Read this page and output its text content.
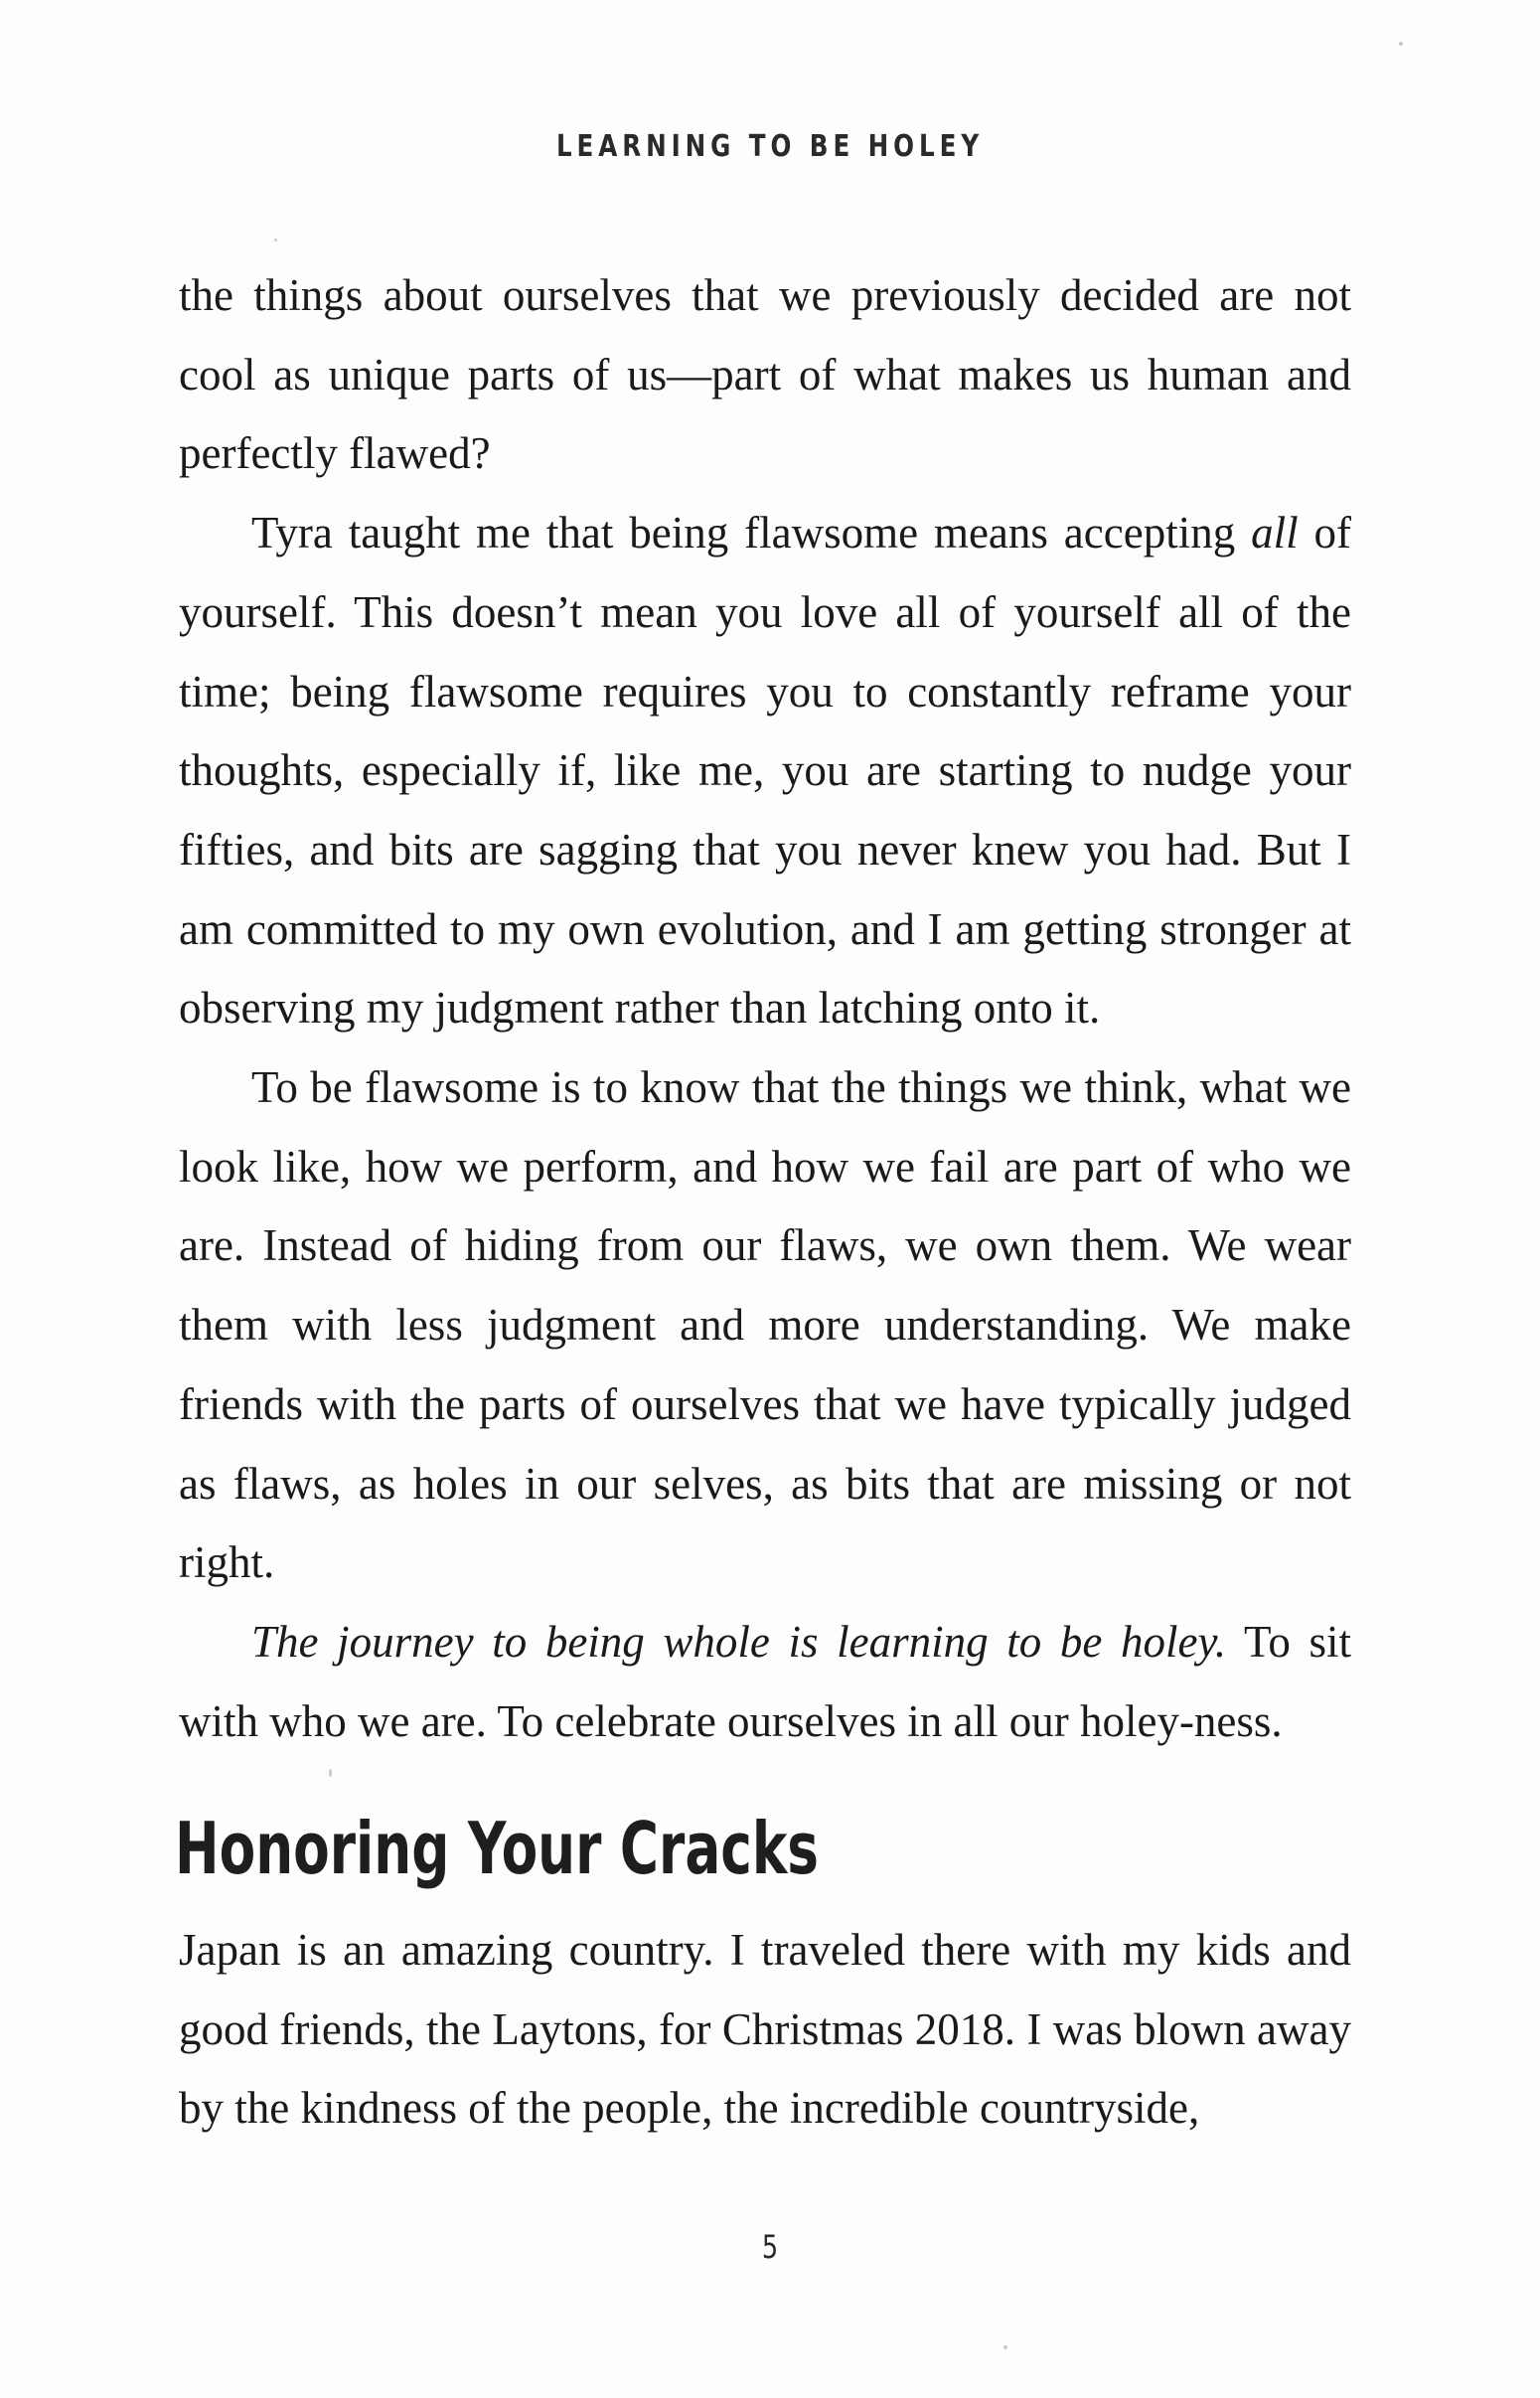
LEARNING TO BE HOLEY

the things about ourselves that we previously decided are not cool as unique parts of us—part of what makes us human and perfectly flawed?

Tyra taught me that being flawsome means accepting all of yourself. This doesn’t mean you love all of yourself all of the time; being flawsome requires you to constantly reframe your thoughts, especially if, like me, you are starting to nudge your fifties, and bits are sagging that you never knew you had. But I am committed to my own evolution, and I am getting stronger at observing my judgment rather than latching onto it.

To be flawsome is to know that the things we think, what we look like, how we perform, and how we fail are part of who we are. Instead of hiding from our flaws, we own them. We wear them with less judgment and more understanding. We make friends with the parts of ourselves that we have typically judged as flaws, as holes in our selves, as bits that are missing or not right.

The journey to being whole is learning to be holey. To sit with who we are. To celebrate ourselves in all our holey-ness.

Honoring Your Cracks

Japan is an amazing country. I traveled there with my kids and good friends, the Laytons, for Christmas 2018. I was blown away by the kindness of the people, the incredible countryside,

5
